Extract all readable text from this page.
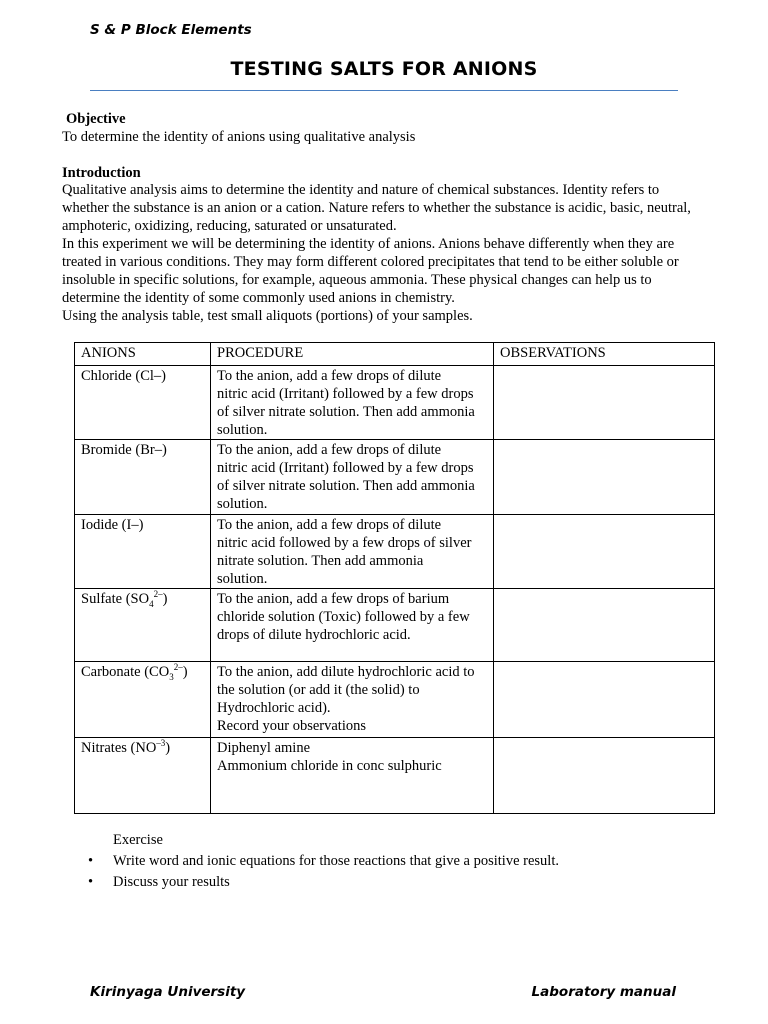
S & P Block Elements
TESTING SALTS FOR ANIONS
Objective
To determine the identity of anions using qualitative analysis
Introduction
Qualitative analysis aims to determine the identity and nature of chemical substances. Identity refers to
whether the substance is an anion or a cation. Nature refers to whether the substance is acidic, basic, neutral,
amphoteric, oxidizing, reducing, saturated or unsaturated.
In this experiment we will be determining the identity of anions. Anions behave differently when they are
treated in various conditions. They may form different colored precipitates that tend to be either soluble or
insoluble in specific solutions, for example, aqueous ammonia. These physical changes can help us to
determine the identity of some commonly used anions in chemistry.
Using the analysis table, test small aliquots (portions) of your samples.
ANIONS	PROCEDURE	OBSERVATIONS
Chloride (Cl–)	To the anion, add a few drops of dilute
nitric acid (Irritant) followed by a few drops
of silver nitrate solution. Then add ammonia
solution.	

Bromide (Br–)	To the anion, add a few drops of dilute
nitric acid (Irritant) followed by a few drops
of silver nitrate solution. Then add ammonia
solution.	

Iodide (I–)	To the anion, add a few drops of dilute
nitric acid followed by a few drops of silver
nitrate solution. Then add ammonia
solution.	

Sulfate $(SO_4^{2-})$	To the anion, add a few drops of barium
chloride solution (Toxic) followed by a few
drops of dilute hydrochloric acid.	

Carbonate $(CO_3^{2-})$	To the anion, add dilute hydrochloric acid to
the solution (or add it (the solid) to
Hydrochloric acid).
Record your observations	

Nitrates $(NO^{-3})$	Diphenyl amine
Ammonium chloride in conc sulphuric	

Exercise
• Write word and ionic equations for those reactions that give a positive result.
• Discuss your results
Kirinyaga University	Laboratory manual
